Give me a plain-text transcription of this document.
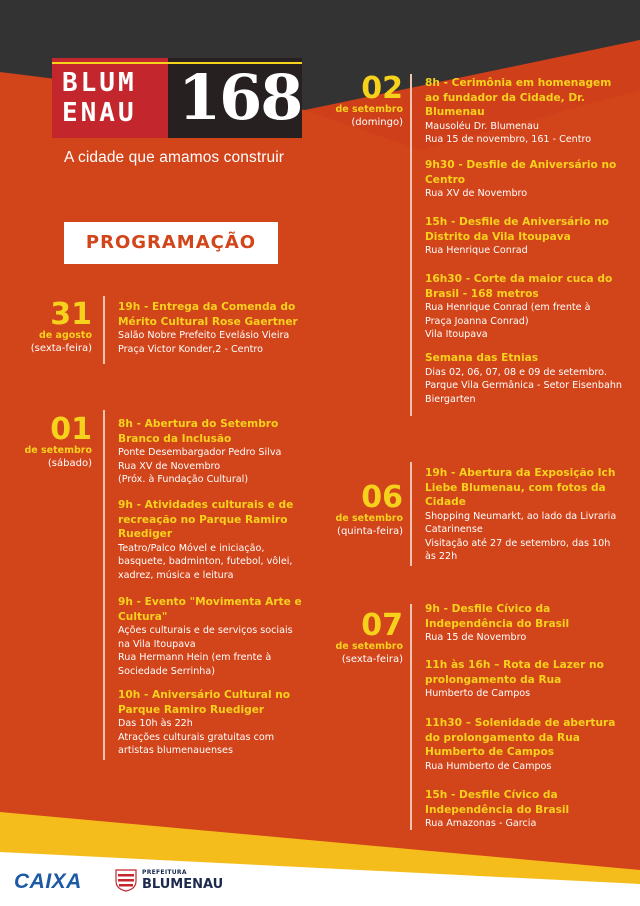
BLUM
ENAU 168
A cidade que amamos construir
PROGRAMAÇÃO
31
de agosto
(sexta-feira)
19h - Entrega da Comenda do Mérito Cultural Rose Gaertner
Salão Nobre Prefeito Evelásio Vieira
Praça Victor Konder,2 - Centro
01
de setembro
(sábado)
8h - Abertura do Setembro Branco da Inclusão
Ponte Desembargador Pedro Silva
Rua XV de Novembro
(Próx. à Fundação Cultural)
9h - Atividades culturais e de recreação no Parque Ramiro Ruediger
Teatro/Palco Móvel e iniciação, basquete, badminton, futebol, vôlei, xadrez, música e leitura
9h - Evento "Movimenta Arte e Cultura"
Ações culturais e de serviços sociais na Vila Itoupava
Rua Hermann Hein (em frente à Sociedade Serrinha)
10h - Aniversário Cultural no Parque Ramiro Ruediger
Das 10h às 22h
Atrações culturais gratuitas com artistas blumenauenses
02
de setembro
(domingo)
8h - Cerimônia em homenagem ao fundador da Cidade, Dr. Blumenau
Mausoléu Dr. Blumenau
Rua 15 de novembro, 161 - Centro
9h30 - Desfile de Aniversário no Centro
Rua XV de Novembro
15h - Desfile de Aniversário no Distrito da Vila Itoupava
Rua Henrique Conrad
16h30 - Corte da maior cuca do Brasil - 168 metros
Rua Henrique Conrad (em frente à Praça Joanna Conrad)
Vila Itoupava
Semana das Etnias
Dias 02, 06, 07, 08 e 09 de setembro.
Parque Vila Germânica - Setor Eisenbahn Biergarten
06
de setembro
(quinta-feira)
19h - Abertura da Exposição Ich Liebe Blumenau, com fotos da Cidade
Shopping Neumarkt, ao lado da Livraria Catarinense
Visitação até 27 de setembro, das 10h às 22h
07
de setembro
(sexta-feira)
9h - Desfile Cívico da Independência do Brasil
Rua 15 de Novembro
11h às 16h – Rota de Lazer no prolongamento da Rua
Humberto de Campos
11h30 – Solenidade de abertura do prolongamento da Rua Humberto de Campos
Rua Humberto de Campos
15h - Desfile Cívico da Independência do Brasil
Rua Amazonas - Garcia
CAIXA	PREFEITURA
BLUMENAU
